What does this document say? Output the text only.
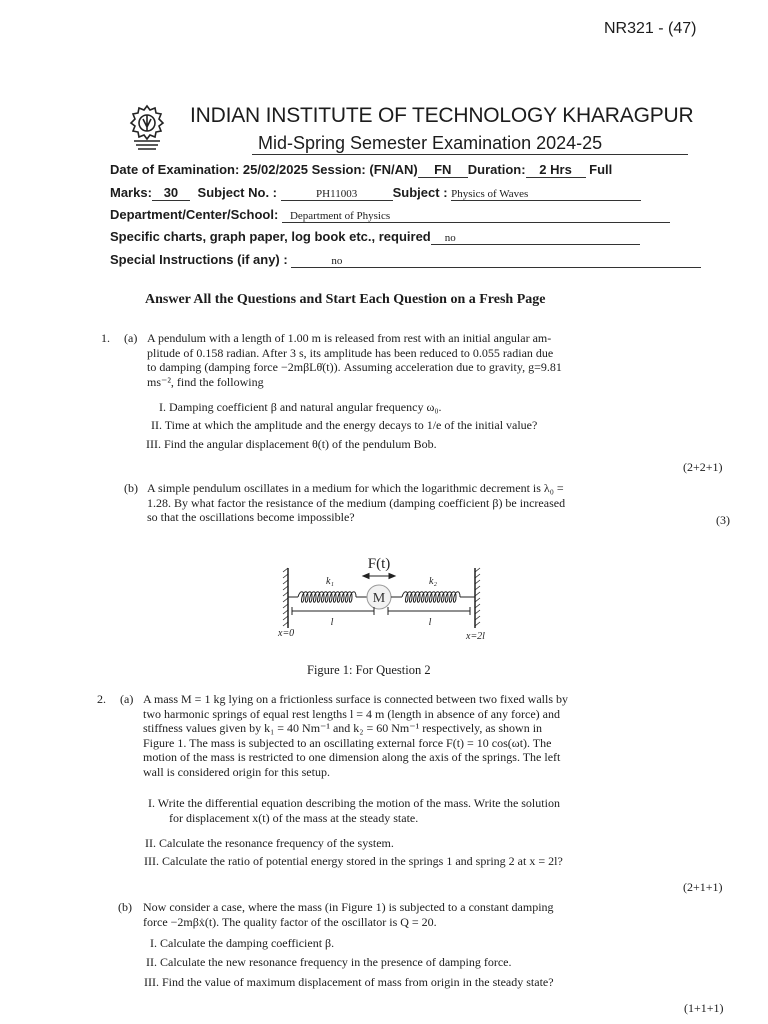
NR321 - (47)
INDIAN INSTITUTE OF TECHNOLOGY KHARAGPUR
Mid-Spring Semester Examination 2024-25
Date of Examination: 25/02/2025 Session: (FN/AN) FN Duration: 2 Hrs Full
Marks: 30 Subject No. :	PH11003	Subject : Physics of Waves
Department/Center/School: Department of Physics
Specific charts, graph paper, log book etc., required no
Special Instructions (if any) :	no
Answer All the Questions and Start Each Question on a Fresh Page
1. (a) A pendulum with a length of 1.00 m is released from rest with an initial angular am-
plitude of 0.158 radian. After 3 s, its amplitude has been reduced to 0.055 radian due
to damping (damping force −2mβLθ̇(t)). Assuming acceleration due to gravity, g=9.81
ms⁻², find the following
I. Damping coefficient β and natural angular frequency ω₀.
II. Time at which the amplitude and the energy decays to 1/e of the initial value?
III. Find the angular displacement θ(t) of the pendulum Bob.
(2+2+1)
(b) A simple pendulum oscillates in a medium for which the logarithmic decrement is λ₀ =
1.28. By what factor the resistance of the medium (damping coefficient β) be increased
so that the oscillations become impossible?	(3)
M
k₁	k₂
F(t)
l	l
x=0	x=2l
Figure 1: For Question 2
2. (a) A mass M = 1 kg lying on a frictionless surface is connected between two fixed walls by
two harmonic springs of equal rest lengths l = 4 m (length in absence of any force) and
stiffness values given by k₁ = 40 Nm⁻¹ and k₂ = 60 Nm⁻¹ respectively, as shown in
Figure 1. The mass is subjected to an oscillating external force F(t) = 10 cos(ωt). The
motion of the mass is restricted to one dimension along the axis of the springs. The left
wall is considered origin for this setup.
I. Write the differential equation describing the motion of the mass. Write the solution
for displacement x(t) of the mass at the steady state.
II. Calculate the resonance frequency of the system.
III. Calculate the ratio of potential energy stored in the springs 1 and spring 2 at x = 2l?
(2+1+1)
(b) Now consider a case, where the mass (in Figure 1) is subjected to a constant damping
force −2mβẋ(t). The quality factor of the oscillator is Q = 20.
I. Calculate the damping coefficient β.
II. Calculate the new resonance frequency in the presence of damping force.
III. Find the value of maximum displacement of mass from origin in the steady state?
(1+1+1)
